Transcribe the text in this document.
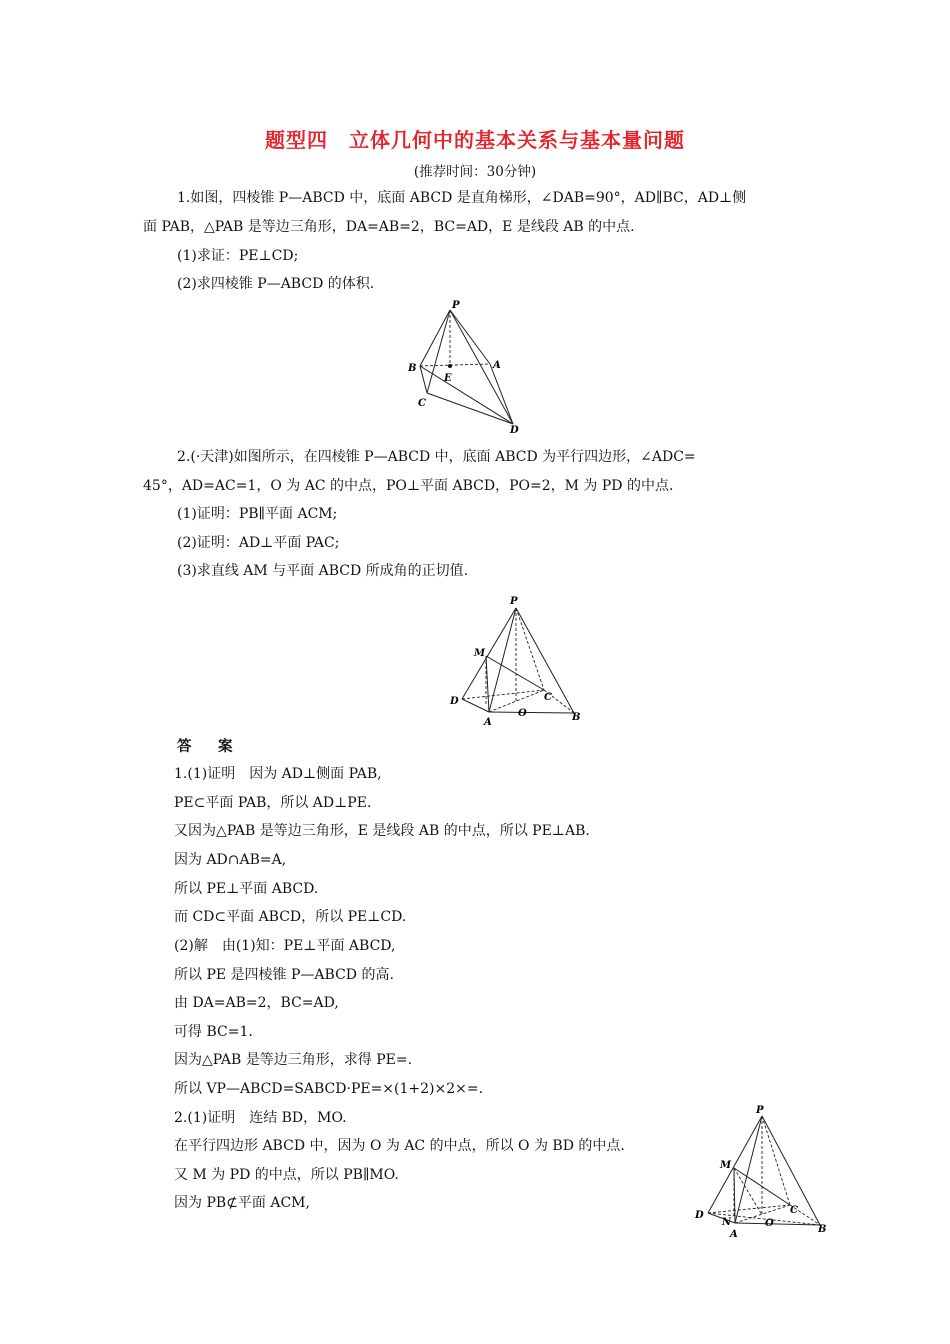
题型四　立体几何中的基本关系与基本量问题
(推荐时间：30分钟)
1.如图，四棱锥 P—ABCD 中，底面 ABCD 是直角梯形，∠DAB=90°，AD∥BC，AD⊥侧
面 PAB，△PAB 是等边三角形，DA=AB=2，BC=AD，E 是线段 AB 的中点.
(1)求证：PE⊥CD;
(2)求四棱锥 P—ABCD 的体积.
P
A
B
C
D
E
2.(·天津)如图所示，在四棱锥 P—ABCD 中，底面 ABCD 为平行四边形，∠ADC=
45°，AD=AC=1，O 为 AC 的中点，PO⊥平面 ABCD，PO=2，M 为 PD 的中点.
(1)证明：PB∥平面 ACM;
(2)证明：AD⊥平面 PAC;
(3)求直线 AM 与平面 ABCD 所成角的正切值.
P
M
C
D
O
A	B
答　案
1.(1)证明　因为 AD⊥侧面 PAB,
PE⊂平面 PAB，所以 AD⊥PE.
又因为△PAB 是等边三角形，E 是线段 AB 的中点，所以 PE⊥AB.
因为 AD∩AB=A,
所以 PE⊥平面 ABCD.
而 CD⊂平面 ABCD，所以 PE⊥CD.
(2)解　由(1)知：PE⊥平面 ABCD,
所以 PE 是四棱锥 P—ABCD 的高.
由 DA=AB=2，BC=AD,
可得 BC=1.
因为△PAB 是等边三角形，求得 PE=.
所以 VP—ABCD=SABCD·PE=×(1+2)×2×=.
2.(1)证明　连结 BD，MO.
在平行四边形 ABCD 中，因为 O 为 AC 的中点，所以 O 为 BD 的中点.
又 M 为 PD 的中点，所以 PB∥MO.
因为 PB⊄平面 ACM,
P
M
C
D
N	O
A	B
